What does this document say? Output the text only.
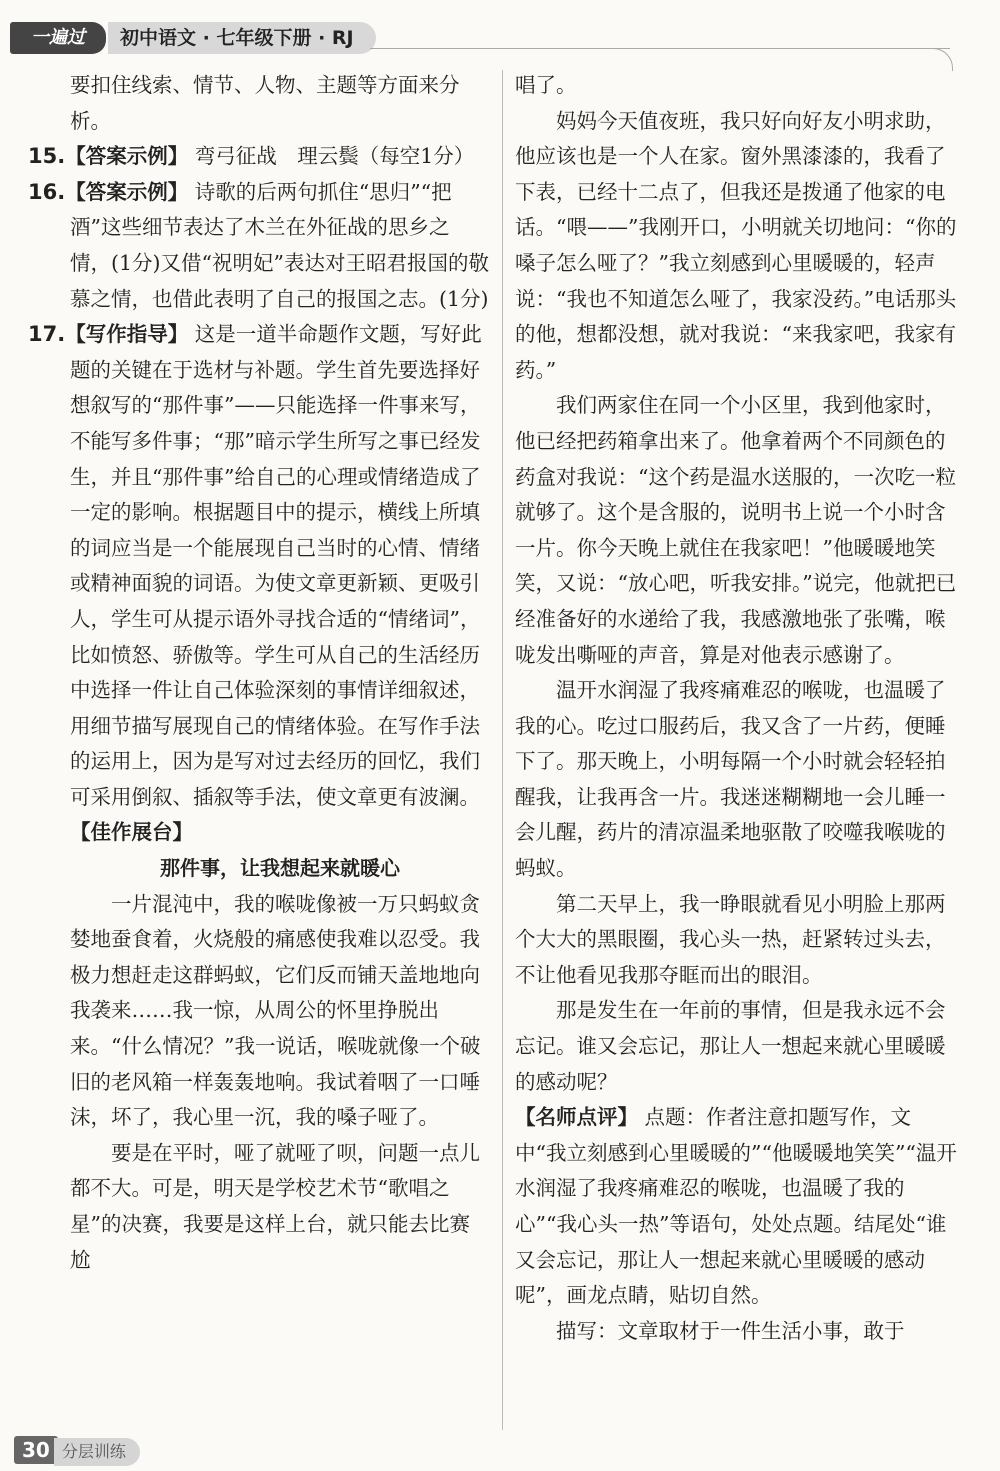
一遍过	初中语文 · 七年级下册 · RJ

要扣住线索、情节、人物、主题等方面来分析。

15.【答案示例】 弯弓征战　理云鬓（每空1分）

16.【答案示例】 诗歌的后两句抓住“思归”“把酒”这些细节表达了木兰在外征战的思乡之情，(1分)又借“祝明妃”表达对王昭君报国的敬慕之情，也借此表明了自己的报国之志。(1分)

17.【写作指导】 这是一道半命题作文题，写好此题的关键在于选材与补题。学生首先要选择好想叙写的“那件事”——只能选择一件事来写，不能写多件事；“那”暗示学生所写之事已经发生，并且“那件事”给自己的心理或情绪造成了一定的影响。根据题目中的提示，横线上所填的词应当是一个能展现自己当时的心情、情绪或精神面貌的词语。为使文章更新颖、更吸引人，学生可从提示语外寻找合适的“情绪词”，比如愤怒、骄傲等。学生可从自己的生活经历中选择一件让自己体验深刻的事情详细叙述，用细节描写展现自己的情绪体验。在写作手法的运用上，因为是写对过去经历的回忆，我们可采用倒叙、插叙等手法，使文章更有波澜。

【佳作展台】

那件事，让我想起来就暖心

一片混沌中，我的喉咙像被一万只蚂蚁贪婪地蚕食着，火烧般的痛感使我难以忍受。我极力想赶走这群蚂蚁，它们反而铺天盖地地向我袭来……我一惊，从周公的怀里挣脱出来。“什么情况？”我一说话，喉咙就像一个破旧的老风箱一样轰轰地响。我试着咽了一口唾沫，坏了，我心里一沉，我的嗓子哑了。

要是在平时，哑了就哑了呗，问题一点儿都不大。可是，明天是学校艺术节“歌唱之星”的决赛，我要是这样上台，就只能去比赛尬

唱了。

妈妈今天值夜班，我只好向好友小明求助，他应该也是一个人在家。窗外黑漆漆的，我看了下表，已经十二点了，但我还是拨通了他家的电话。“喂——”我刚开口，小明就关切地问：“你的嗓子怎么哑了？”我立刻感到心里暖暖的，轻声说：“我也不知道怎么哑了，我家没药。”电话那头的他，想都没想，就对我说：“来我家吧，我家有药。”

我们两家住在同一个小区里，我到他家时，他已经把药箱拿出来了。他拿着两个不同颜色的药盒对我说：“这个药是温水送服的，一次吃一粒就够了。这个是含服的，说明书上说一个小时含一片。你今天晚上就住在我家吧！”他暖暖地笑笑，又说：“放心吧，听我安排。”说完，他就把已经准备好的水递给了我，我感激地张了张嘴，喉咙发出嘶哑的声音，算是对他表示感谢了。

温开水润湿了我疼痛难忍的喉咙，也温暖了我的心。吃过口服药后，我又含了一片药，便睡下了。那天晚上，小明每隔一个小时就会轻轻拍醒我，让我再含一片。我迷迷糊糊地一会儿睡一会儿醒，药片的清凉温柔地驱散了咬噬我喉咙的蚂蚁。

第二天早上，我一睁眼就看见小明脸上那两个大大的黑眼圈，我心头一热，赶紧转过头去，不让他看见我那夺眶而出的眼泪。

那是发生在一年前的事情，但是我永远不会忘记。谁又会忘记，那让人一想起来就心里暖暖的感动呢？

【名师点评】 点题：作者注意扣题写作，文中“我立刻感到心里暖暖的”“他暖暖地笑笑”“温开水润湿了我疼痛难忍的喉咙，也温暖了我的心”“我心头一热”等语句，处处点题。结尾处“谁又会忘记，那让人一想起来就心里暖暖的感动呢”，画龙点睛，贴切自然。

描写：文章取材于一件生活小事，敢于

30 分层训练
